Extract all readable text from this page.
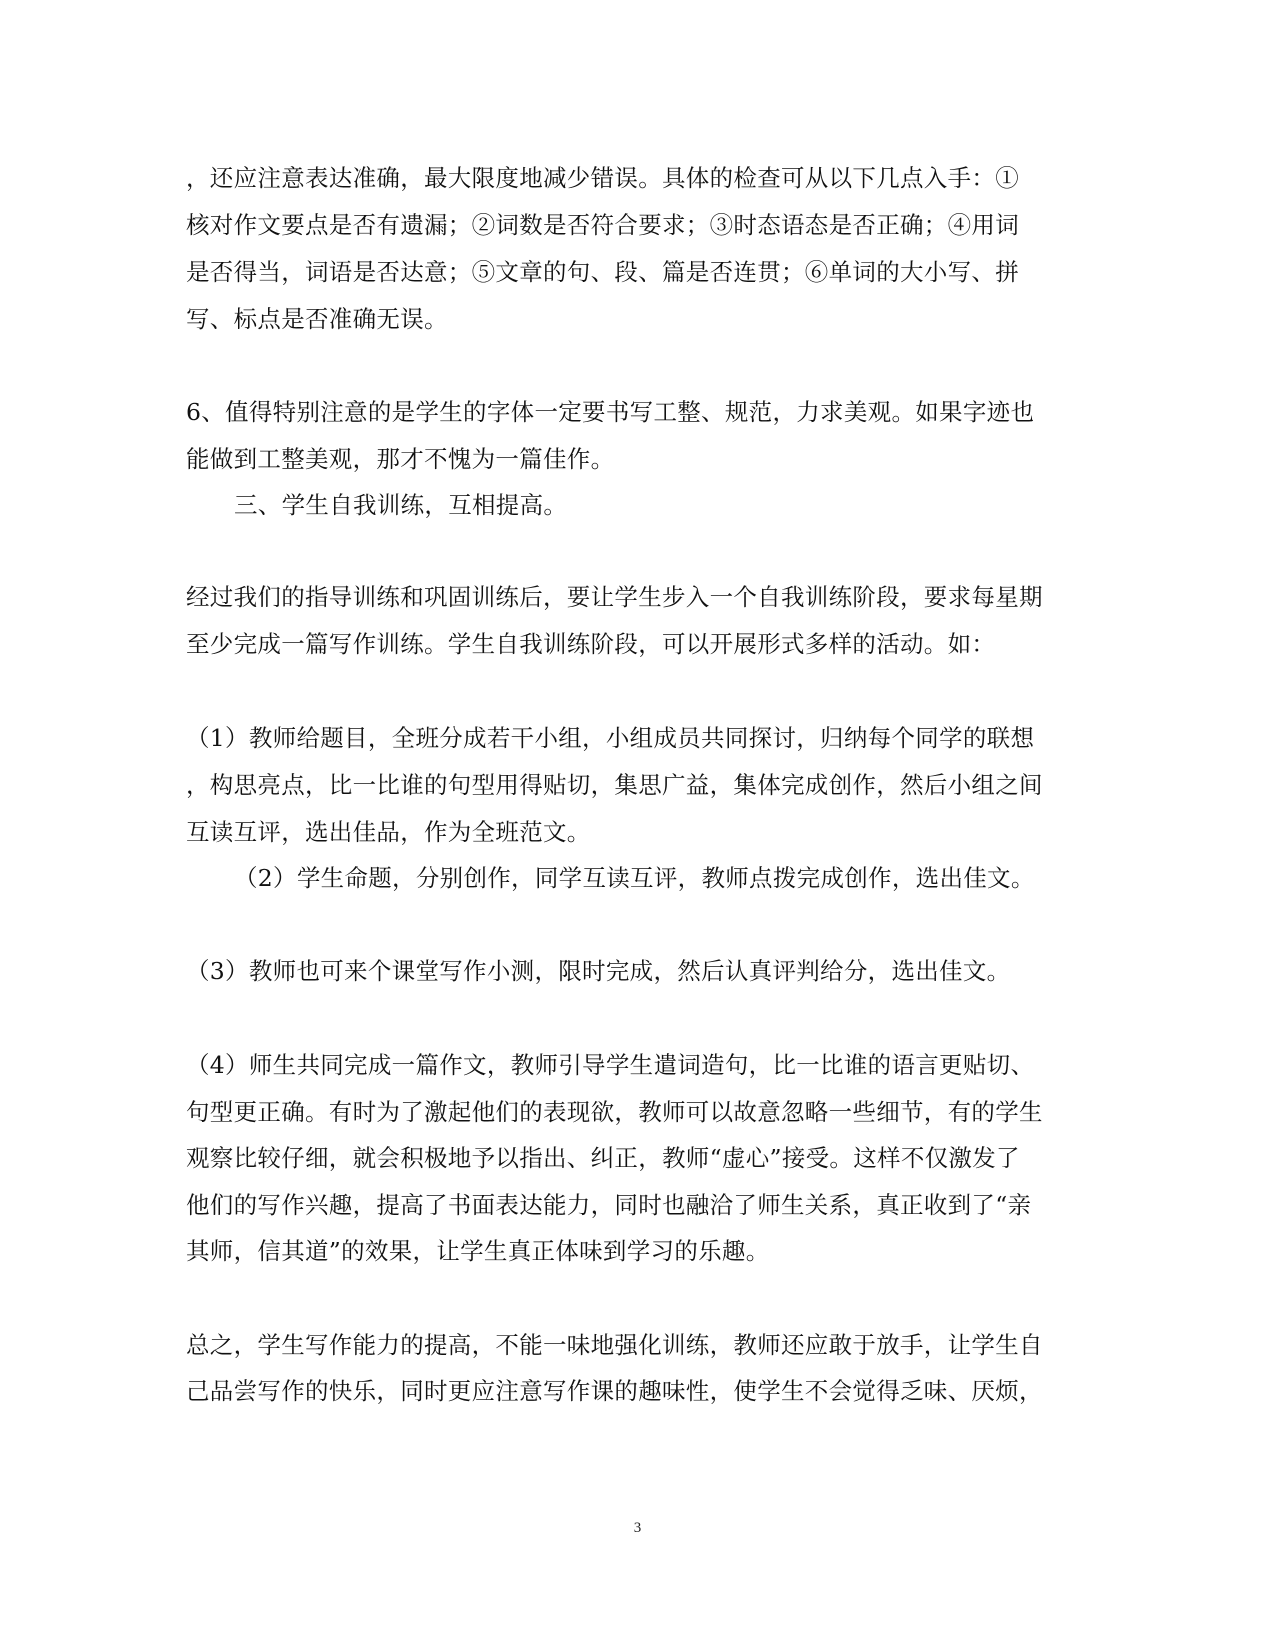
，还应注意表达准确，最大限度地减少错误。具体的检查可从以下几点入手：①
核对作文要点是否有遗漏；②词数是否符合要求；③时态语态是否正确；④用词
是否得当，词语是否达意；⑤文章的句、段、篇是否连贯；⑥单词的大小写、拼
写、标点是否准确无误。
6、值得特别注意的是学生的字体一定要书写工整、规范，力求美观。如果字迹也
能做到工整美观，那才不愧为一篇佳作。
三、学生自我训练，互相提高。
经过我们的指导训练和巩固训练后，要让学生步入一个自我训练阶段，要求每星期
至少完成一篇写作训练。学生自我训练阶段，可以开展形式多样的活动。如：
（1）教师给题目，全班分成若干小组，小组成员共同探讨，归纳每个同学的联想
，构思亮点，比一比谁的句型用得贴切，集思广益，集体完成创作，然后小组之间
互读互评，选出佳品，作为全班范文。
（2）学生命题，分别创作，同学互读互评，教师点拨完成创作，选出佳文。
（3）教师也可来个课堂写作小测，限时完成，然后认真评判给分，选出佳文。
（4）师生共同完成一篇作文，教师引导学生遣词造句，比一比谁的语言更贴切、
句型更正确。有时为了激起他们的表现欲，教师可以故意忽略一些细节，有的学生
观察比较仔细，就会积极地予以指出、纠正，教师“虚心”接受。这样不仅激发了
他们的写作兴趣，提高了书面表达能力，同时也融洽了师生关系，真正收到了“亲
其师，信其道”的效果，让学生真正体味到学习的乐趣。
总之，学生写作能力的提高，不能一味地强化训练，教师还应敢于放手，让学生自
己品尝写作的快乐，同时更应注意写作课的趣味性，使学生不会觉得乏味、厌烦，
3
